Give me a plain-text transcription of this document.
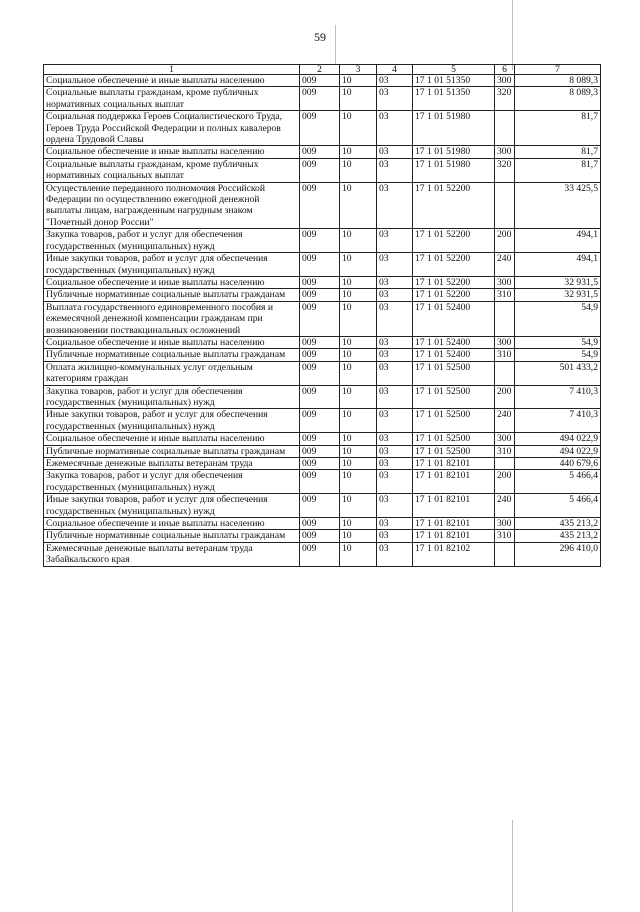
59
1	2	3	4	5	6	7
Социальное обеспечение и иные выплаты населению	009	10	03	17 1 01 51350	300	8 089,3
Социальные выплаты гражданам, кроме публичных нормативных социальных выплат	009	10	03	17 1 01 51350	320	8 089,3
Социальная поддержка Героев Социалистического Труда, Героев Труда Российской Федерации и полных кавалеров ордена Трудовой Славы	009	10	03	17 1 01 51980		81,7
Социальное обеспечение и иные выплаты населению	009	10	03	17 1 01 51980	300	81,7
Социальные выплаты гражданам, кроме публичных нормативных социальных выплат	009	10	03	17 1 01 51980	320	81,7
Осуществление переданного полномочия Российской Федерации по осуществлению ежегодной денежной выплаты лицам, награжденным нагрудным знаком "Почетный донор России"	009	10	03	17 1 01 52200		33 425,5
Закупка товаров, работ и услуг для обеспечения государственных (муниципальных) нужд	009	10	03	17 1 01 52200	200	494,1
Иные закупки товаров, работ и услуг для обеспечения государственных (муниципальных) нужд	009	10	03	17 1 01 52200	240	494,1
Социальное обеспечение и иные выплаты населению	009	10	03	17 1 01 52200	300	32 931,5
Публичные нормативные социальные выплаты гражданам	009	10	03	17 1 01 52200	310	32 931,5
Выплата государственного единовременного пособия и ежемесячной денежной компенсации гражданам при возникновении поствакцинальных осложнений	009	10	03	17 1 01 52400		54,9
Социальное обеспечение и иные выплаты населению	009	10	03	17 1 01 52400	300	54,9
Публичные нормативные социальные выплаты гражданам	009	10	03	17 1 01 52400	310	54,9
Оплата жилищно-коммунальных услуг отдельным категориям граждан	009	10	03	17 1 01 52500		501 433,2
Закупка товаров, работ и услуг для обеспечения государственных (муниципальных) нужд	009	10	03	17 1 01 52500	200	7 410,3
Иные закупки товаров, работ и услуг для обеспечения государственных (муниципальных) нужд	009	10	03	17 1 01 52500	240	7 410,3
Социальное обеспечение и иные выплаты населению	009	10	03	17 1 01 52500	300	494 022,9
Публичные нормативные социальные выплаты гражданам	009	10	03	17 1 01 52500	310	494 022,9
Ежемесячные денежные выплаты ветеранам труда	009	10	03	17 1 01 82101		440 679,6
Закупка товаров, работ и услуг для обеспечения государственных (муниципальных) нужд	009	10	03	17 1 01 82101	200	5 466,4
Иные закупки товаров, работ и услуг для обеспечения государственных (муниципальных) нужд	009	10	03	17 1 01 82101	240	5 466,4
Социальное обеспечение и иные выплаты населению	009	10	03	17 1 01 82101	300	435 213,2
Публичные нормативные социальные выплаты гражданам	009	10	03	17 1 01 82101	310	435 213,2
Ежемесячные денежные выплаты ветеранам труда Забайкальского края	009	10	03	17 1 01 82102		296 410,0
